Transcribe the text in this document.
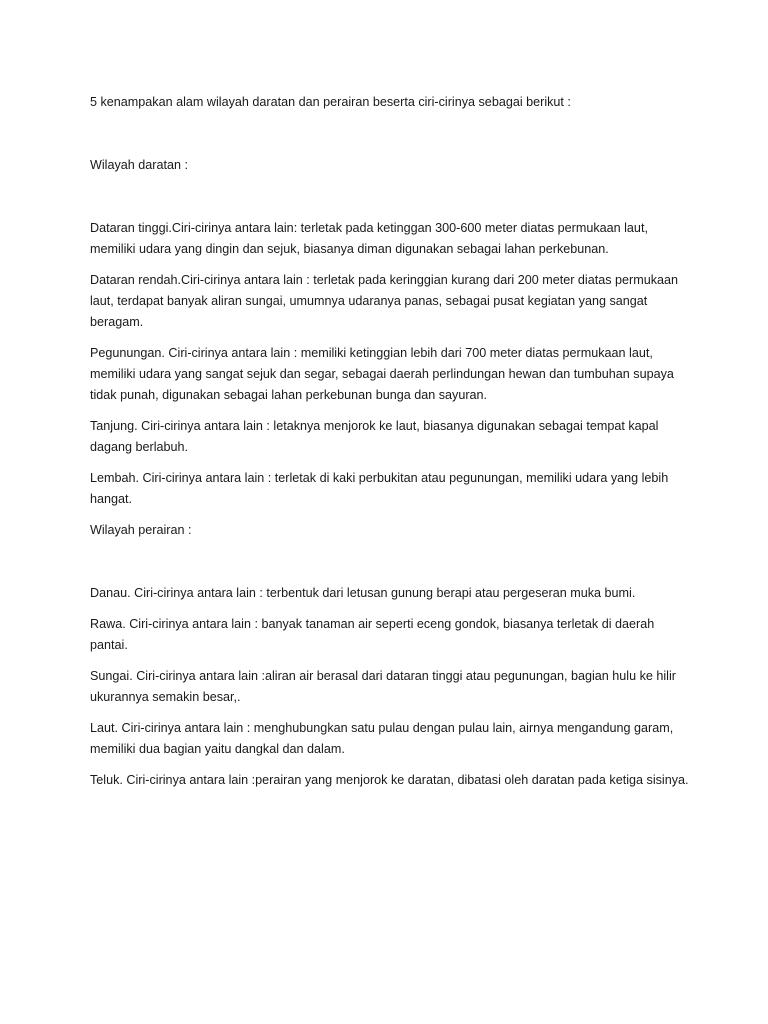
5 kenampakan alam wilayah daratan dan perairan beserta ciri-cirinya sebagai berikut :

Wilayah daratan :

Dataran tinggi.Ciri-cirinya antara lain: terletak pada ketinggan 300-600 meter diatas permukaan laut, memiliki udara yang dingin dan sejuk, biasanya diman digunakan sebagai lahan perkebunan.

Dataran rendah.Ciri-cirinya antara lain : terletak pada keringgian kurang dari 200 meter diatas permukaan laut, terdapat banyak aliran sungai, umumnya udaranya panas, sebagai pusat kegiatan yang sangat beragam.

Pegunungan. Ciri-cirinya antara lain : memiliki ketinggian lebih dari 700 meter diatas permukaan laut, memiliki udara yang sangat sejuk dan segar, sebagai daerah perlindungan hewan dan tumbuhan supaya tidak punah, digunakan sebagai lahan perkebunan bunga dan sayuran.

Tanjung. Ciri-cirinya antara lain : letaknya menjorok ke laut, biasanya digunakan sebagai tempat kapal dagang berlabuh.

Lembah. Ciri-cirinya antara lain : terletak di kaki perbukitan atau pegunungan, memiliki udara yang lebih hangat.

Wilayah perairan :

Danau. Ciri-cirinya antara lain : terbentuk dari letusan gunung berapi atau pergeseran muka bumi.

Rawa. Ciri-cirinya antara lain : banyak tanaman air seperti eceng gondok, biasanya terletak di daerah pantai.

Sungai. Ciri-cirinya antara lain :aliran air berasal dari dataran tinggi atau pegunungan, bagian hulu ke hilir ukurannya semakin besar,.

Laut. Ciri-cirinya antara lain : menghubungkan satu pulau dengan pulau lain, airnya mengandung garam, memiliki dua bagian yaitu dangkal dan dalam.

Teluk. Ciri-cirinya antara lain :perairan yang menjorok ke daratan, dibatasi oleh daratan pada ketiga sisinya.
